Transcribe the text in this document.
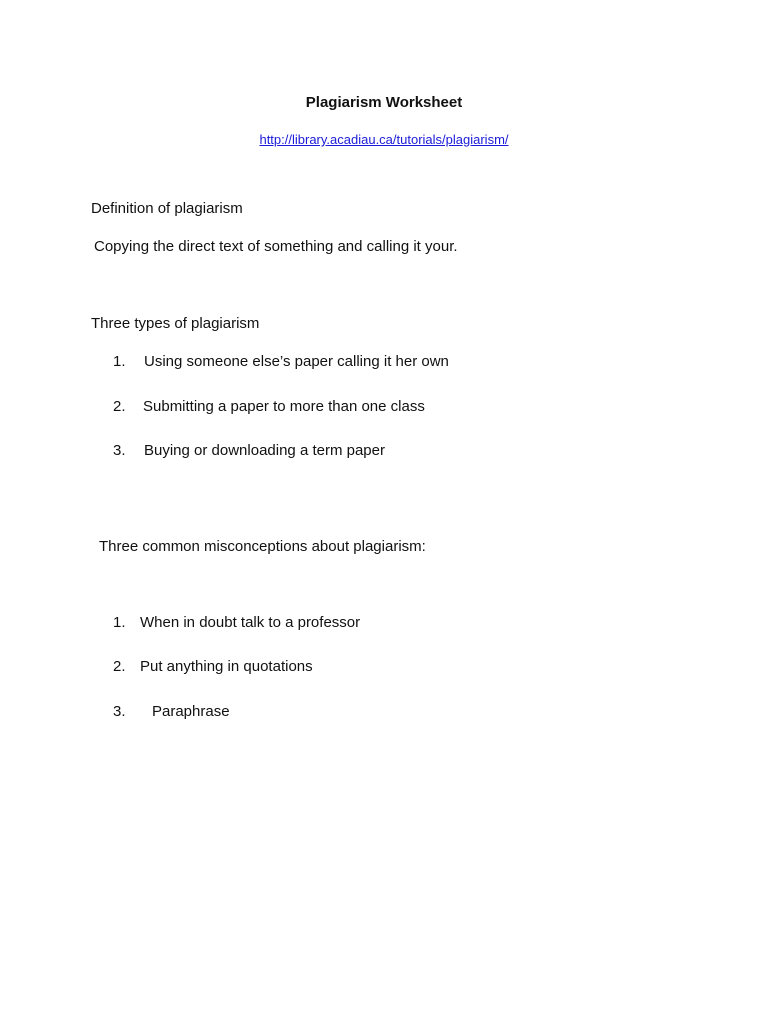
Plagiarism Worksheet
http://library.acadiau.ca/tutorials/plagiarism/
Definition of plagiarism
Copying the direct text of something and calling it your.
Three types of plagiarism
1.	Using someone else’s paper calling it her own
2.	Submitting a paper to more than one class
3.	Buying or downloading a term paper
Three common misconceptions about plagiarism:
1. When in doubt talk to a professor
2. Put anything in quotations
3.	Paraphrase
